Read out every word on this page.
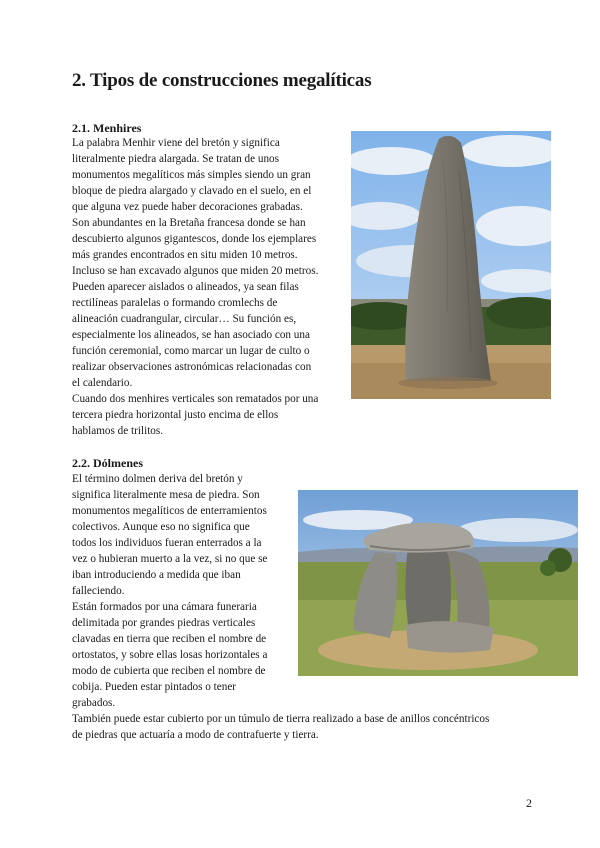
2. Tipos de construcciones megalíticas
2.1. Menhires
La palabra Menhir viene del bretón y significa
literalmente piedra alargada. Se tratan de unos
monumentos megalíticos más simples siendo un gran
bloque de piedra alargado y clavado en el suelo, en el
que alguna vez puede haber decoraciones grabadas.
Son abundantes en la Bretaña francesa donde se han
descubierto algunos gigantescos, donde los ejemplares
más grandes encontrados en situ miden 10 metros.
Incluso se han excavado algunos que miden 20 metros.
Pueden aparecer aislados o alineados, ya sean filas
rectilíneas paralelas o formando cromlechs de
alineación cuadrangular, circular… Su función es,
especialmente los alineados, se han asociado con una
función ceremonial, como marcar un lugar de culto o
realizar observaciones astronómicas relacionadas con
el calendario.
Cuando dos menhires verticales son rematados por una
tercera piedra horizontal justo encima de ellos
hablamos de trilitos.
2.2. Dólmenes
El término dolmen deriva del bretón y
significa literalmente mesa de piedra. Son
monumentos megalíticos de enterramientos
colectivos. Aunque eso no significa que
todos los individuos fueran enterrados a la
vez o hubieran muerto a la vez, si no que se
iban introduciendo a medida que iban
falleciendo.
Están formados por una cámara funeraria
delimitada por grandes piedras verticales
clavadas en tierra que reciben el nombre de
ortostatos, y sobre ellas losas horizontales a
modo de cubierta que reciben el nombre de
cobija. Pueden estar pintados o tener
grabados.
También puede estar cubierto por un túmulo de tierra realizado a base de anillos concéntricos
de piedras que actuaría a modo de contrafuerte y tierra.
2
